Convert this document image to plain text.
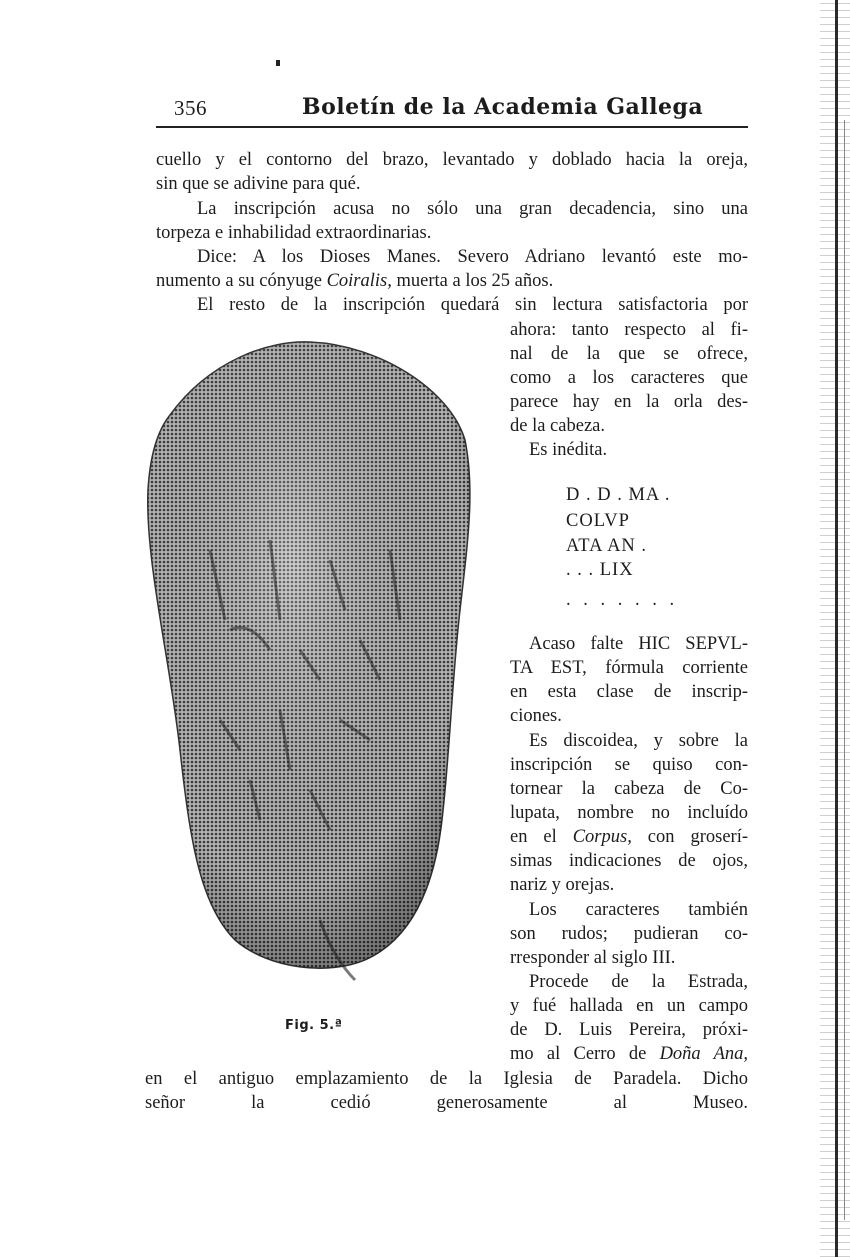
356	Boletín de la Academia Gallega
cuello y el contorno del brazo, levantado y doblado hacia la oreja,
sin que se adivine para qué.
La inscripción acusa no sólo una gran decadencia, sino una
torpeza e inhabilidad extraordinarias.
Dice: A los Dioses Manes. Severo Adriano levantó este mo-
numento a su cónyuge Coiralis, muerta a los 25 años.
El resto de la inscripción quedará sin lectura satisfactoria por
ahora: tanto respecto al fi-
nal de la que se ofrece,
como a los caracteres que
parece hay en la orla des-
de la cabeza.
Es inédita.
D . D . MA .
COLVP
ATA AN .
. . . LIX
. . . . . . .
Acaso falte HIC SEPVL-
TA EST, fórmula corriente
en esta clase de inscrip-
ciones.
Es discoidea, y sobre la
inscripción se quiso con-
tornear la cabeza de Co-
lupata, nombre no incluído
en el Corpus, con groserí-
simas indicaciones de ojos,
nariz y orejas.
Los caracteres también
son rudos; pudieran co-
rresponder al siglo III.
Procede de la Estrada,
y fué hallada en un campo
de D. Luis Pereira, próxi-
mo al Cerro de Doña Ana,
en el antiguo emplazamiento de la Iglesia de Paradela. Dicho
señor la cedió generosamente al Museo.
Fig. 5.ª
